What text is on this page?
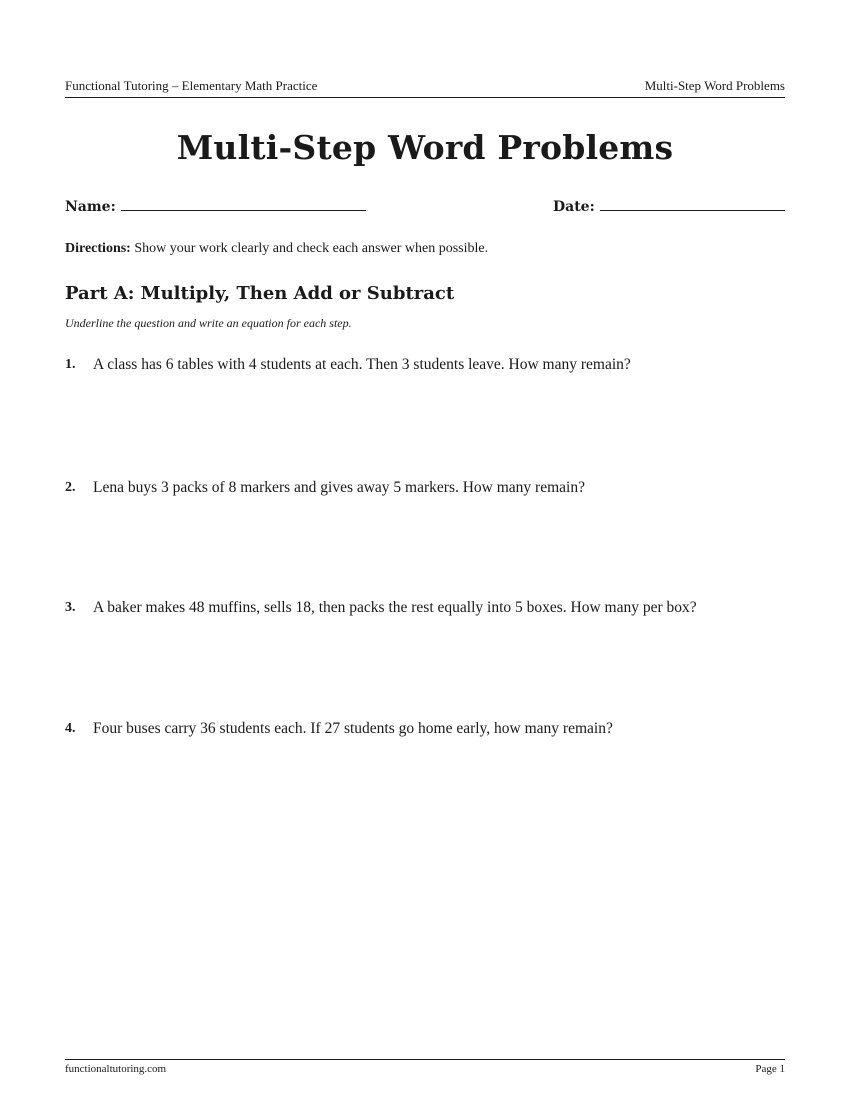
Functional Tutoring – Elementary Math Practice	Multi-Step Word Problems
Multi-Step Word Problems
Name:	Date:
Directions: Show your work clearly and check each answer when possible.
Part A: Multiply, Then Add or Subtract
Underline the question and write an equation for each step.
1. A class has 6 tables with 4 students at each. Then 3 students leave. How many remain?
2. Lena buys 3 packs of 8 markers and gives away 5 markers. How many remain?
3. A baker makes 48 muffins, sells 18, then packs the rest equally into 5 boxes. How many per box?
4. Four buses carry 36 students each. If 27 students go home early, how many remain?
functionaltutoring.com	Page 1
